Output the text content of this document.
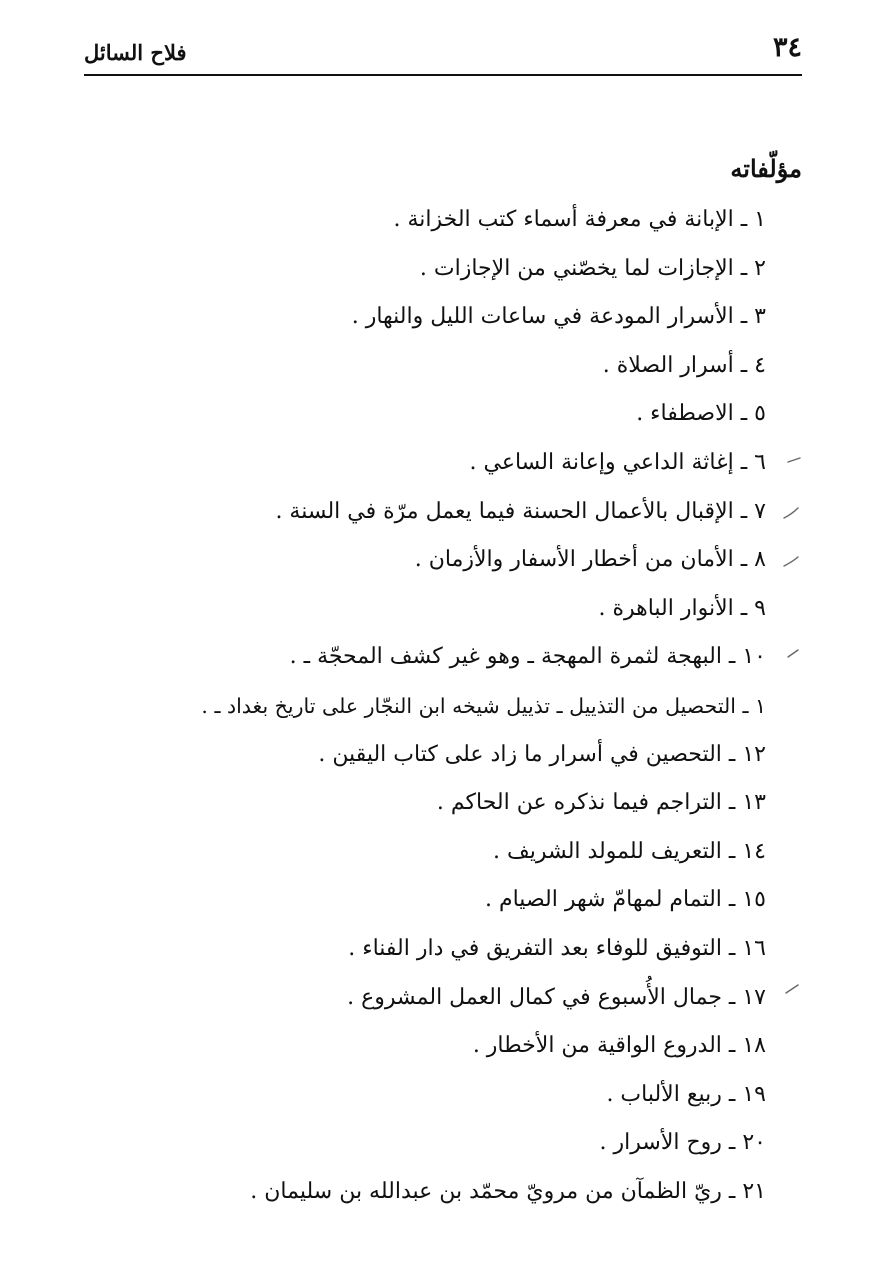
٣٤
فلاح السائل
مؤلّفاته
١ ـ الإبانة في معرفة أسماء كتب الخزانة .
٢ ـ الإجازات لما يخصّني من الإجازات .
٣ ـ الأسرار المودعة في ساعات الليل والنهار .
٤ ـ أسرار الصلاة .
٥ ـ الاصطفاء .
٦ ـ إغاثة الداعي وإعانة الساعي .
٧ ـ الإقبال بالأعمال الحسنة فيما يعمل مرّة في السنة .
٨ ـ الأمان من أخطار الأسفار والأزمان .
٩ ـ الأنوار الباهرة .
١٠ ـ البهجة لثمرة المهجة ـ وهو غير كشف المحجّة ـ .
١ ـ التحصيل من التذييل ـ تذييل شيخه ابن النجّار على تاريخ بغداد ـ .
١٢ ـ التحصين في أسرار ما زاد على كتاب اليقين .
١٣ ـ التراجم فيما نذكره عن الحاكم .
١٤ ـ التعريف للمولد الشريف .
١٥ ـ التمام لمهامّ شهر الصيام .
١٦ ـ التوفيق للوفاء بعد التفريق في دار الفناء .
١٧ ـ جمال الأُسبوع في كمال العمل المشروع .
١٨ ـ الدروع الواقية من الأخطار .
١٩ ـ ربيع الألباب .
٢٠ ـ روح الأسرار .
٢١ ـ ريّ الظمآن من مرويّ محمّد بن عبدالله بن سليمان .
